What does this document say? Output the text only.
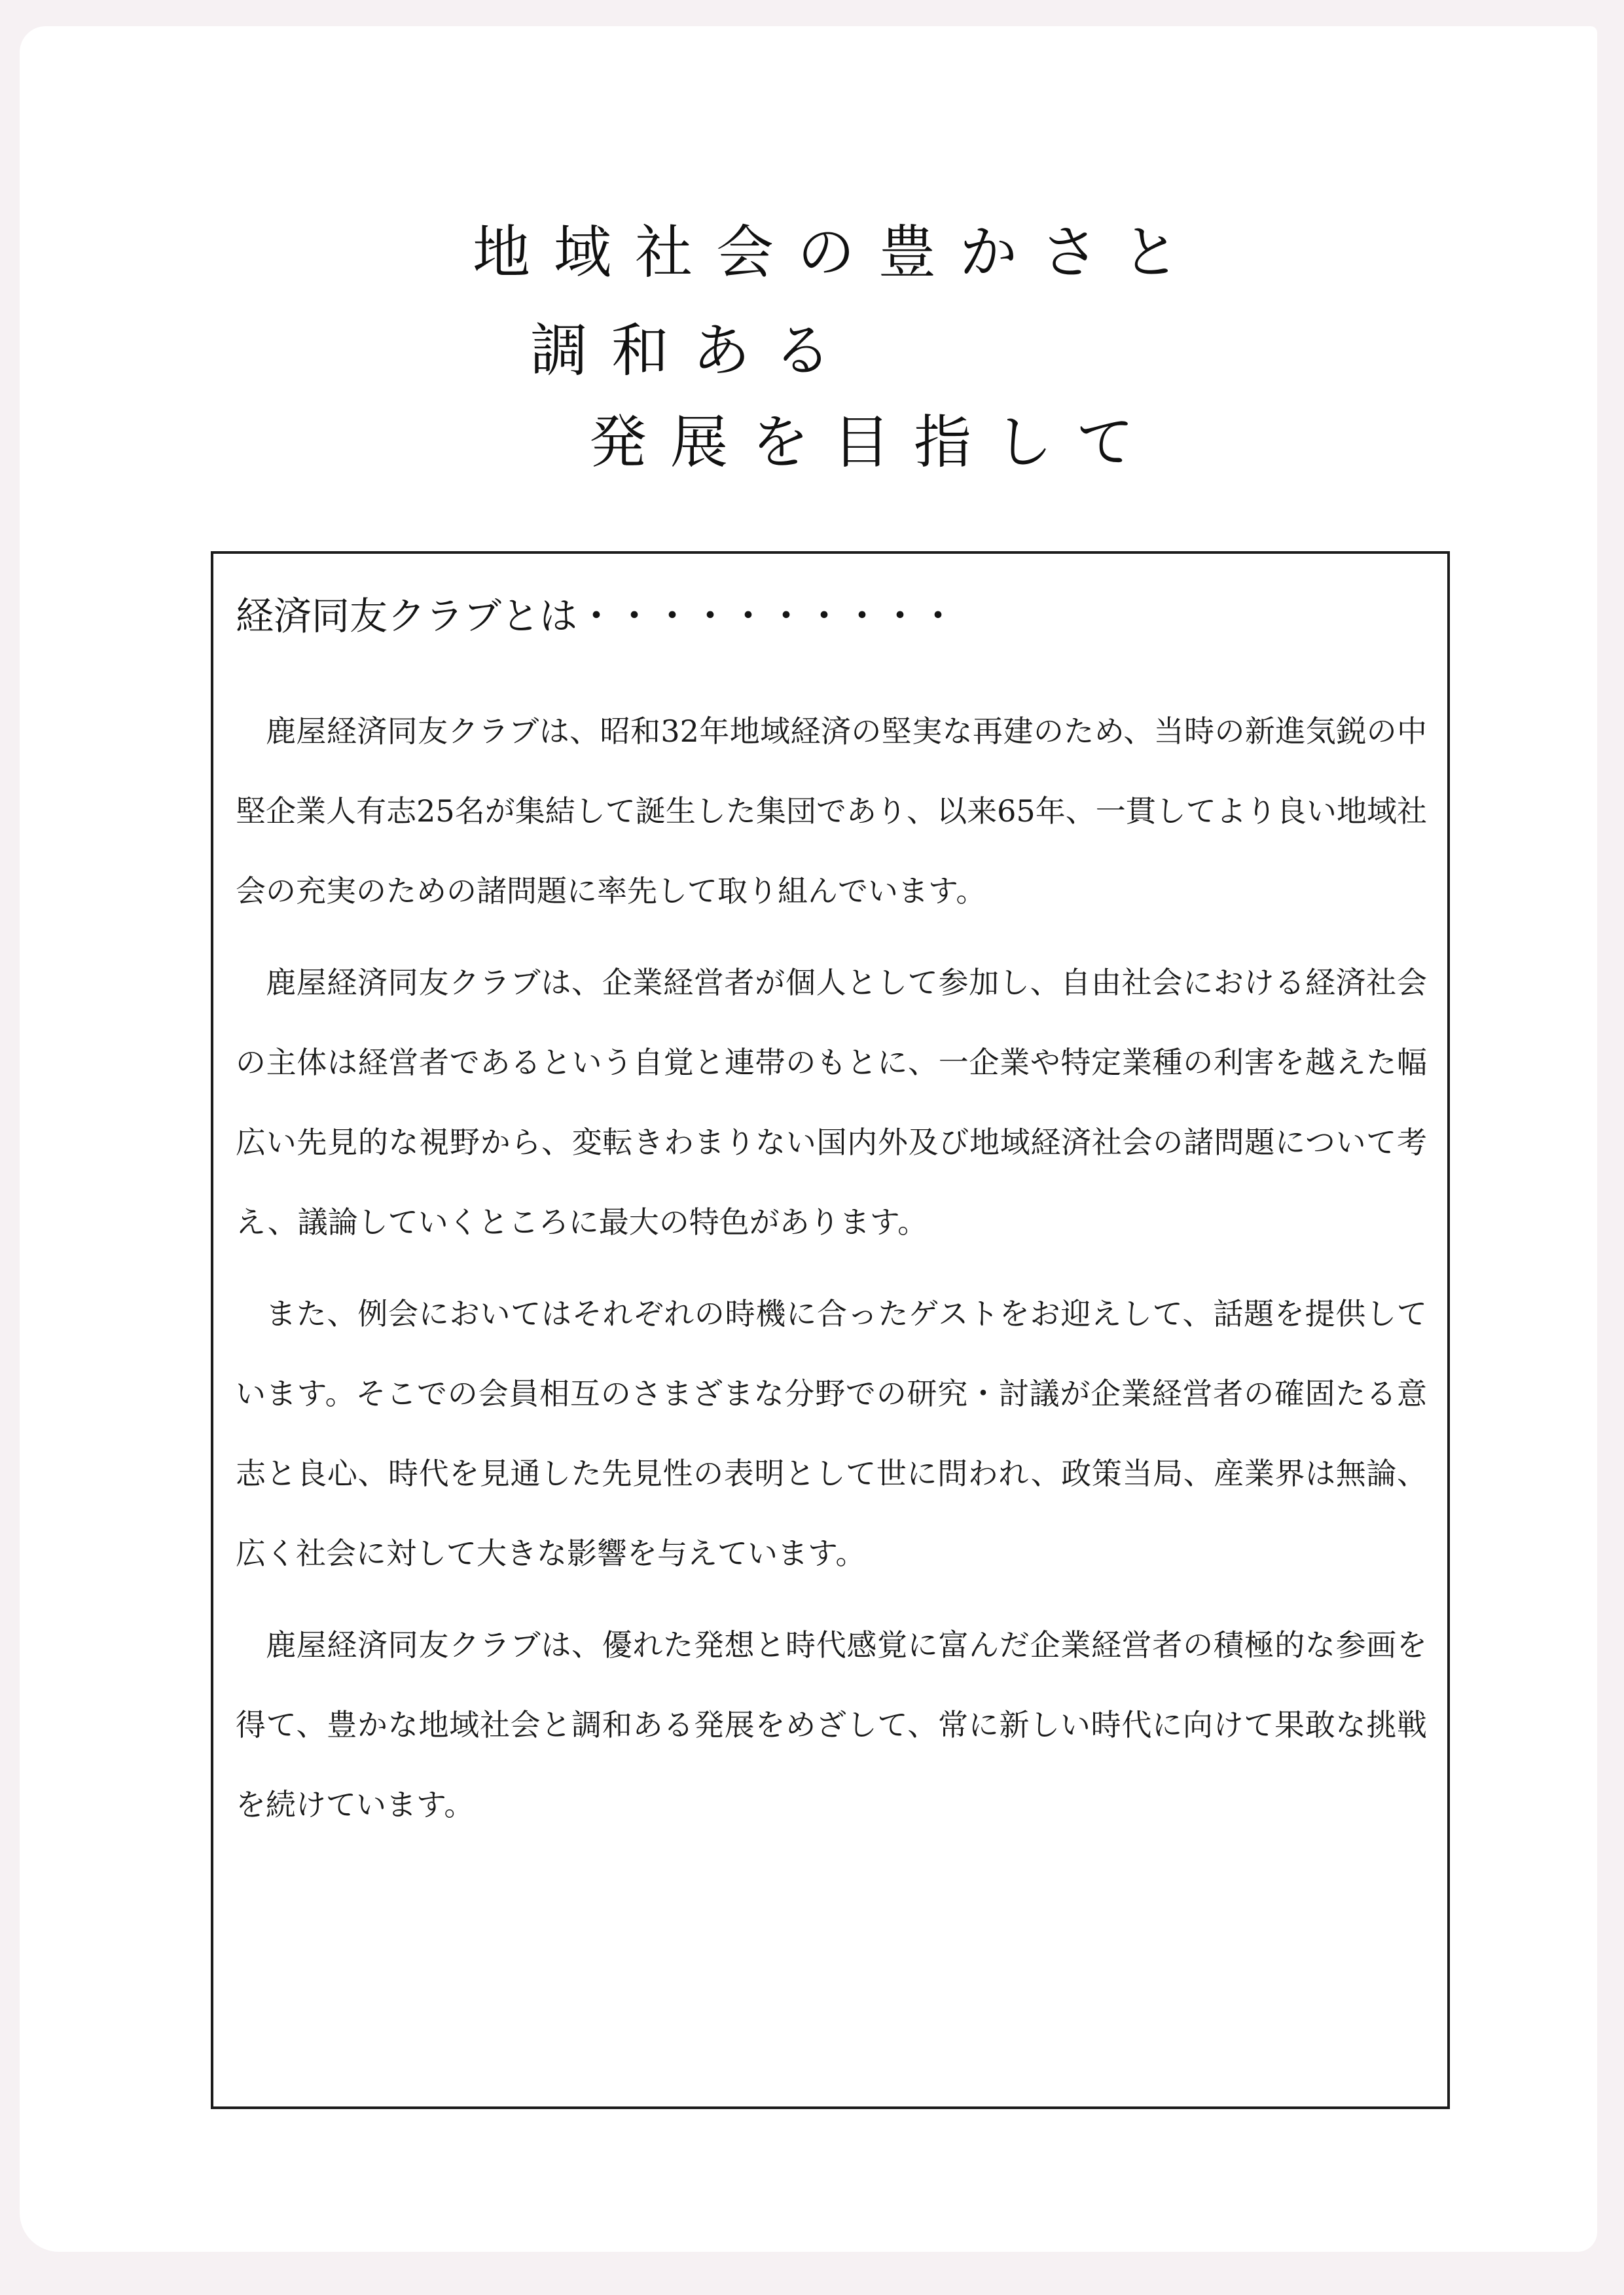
地域社会の豊かさと
調和ある
発展を目指して
経済同友クラブとは・・・・・・・・・・

鹿屋経済同友クラブは、昭和32年地域経済の堅実な再建のため、当時の新進気鋭の中堅企業人有志25名が集結して誕生した集団であり、以来65年、一貫してより良い地域社会の充実のための諸問題に率先して取り組んでいます。

鹿屋経済同友クラブは、企業経営者が個人として参加し、自由社会における経済社会の主体は経営者であるという自覚と連帯のもとに、一企業や特定業種の利害を越えた幅広い先見的な視野から、変転きわまりない国内外及び地域経済社会の諸問題について考え、議論していくところに最大の特色があります。

また、例会においてはそれぞれの時機に合ったゲストをお迎えして、話題を提供しています。そこでの会員相互のさまざまな分野での研究・討議が企業経営者の確固たる意志と良心、時代を見通した先見性の表明として世に問われ、政策当局、産業界は無論、広く社会に対して大きな影響を与えています。

鹿屋経済同友クラブは、優れた発想と時代感覚に富んだ企業経営者の積極的な参画を得て、豊かな地域社会と調和ある発展をめざして、常に新しい時代に向けて果敢な挑戦を続けています。
